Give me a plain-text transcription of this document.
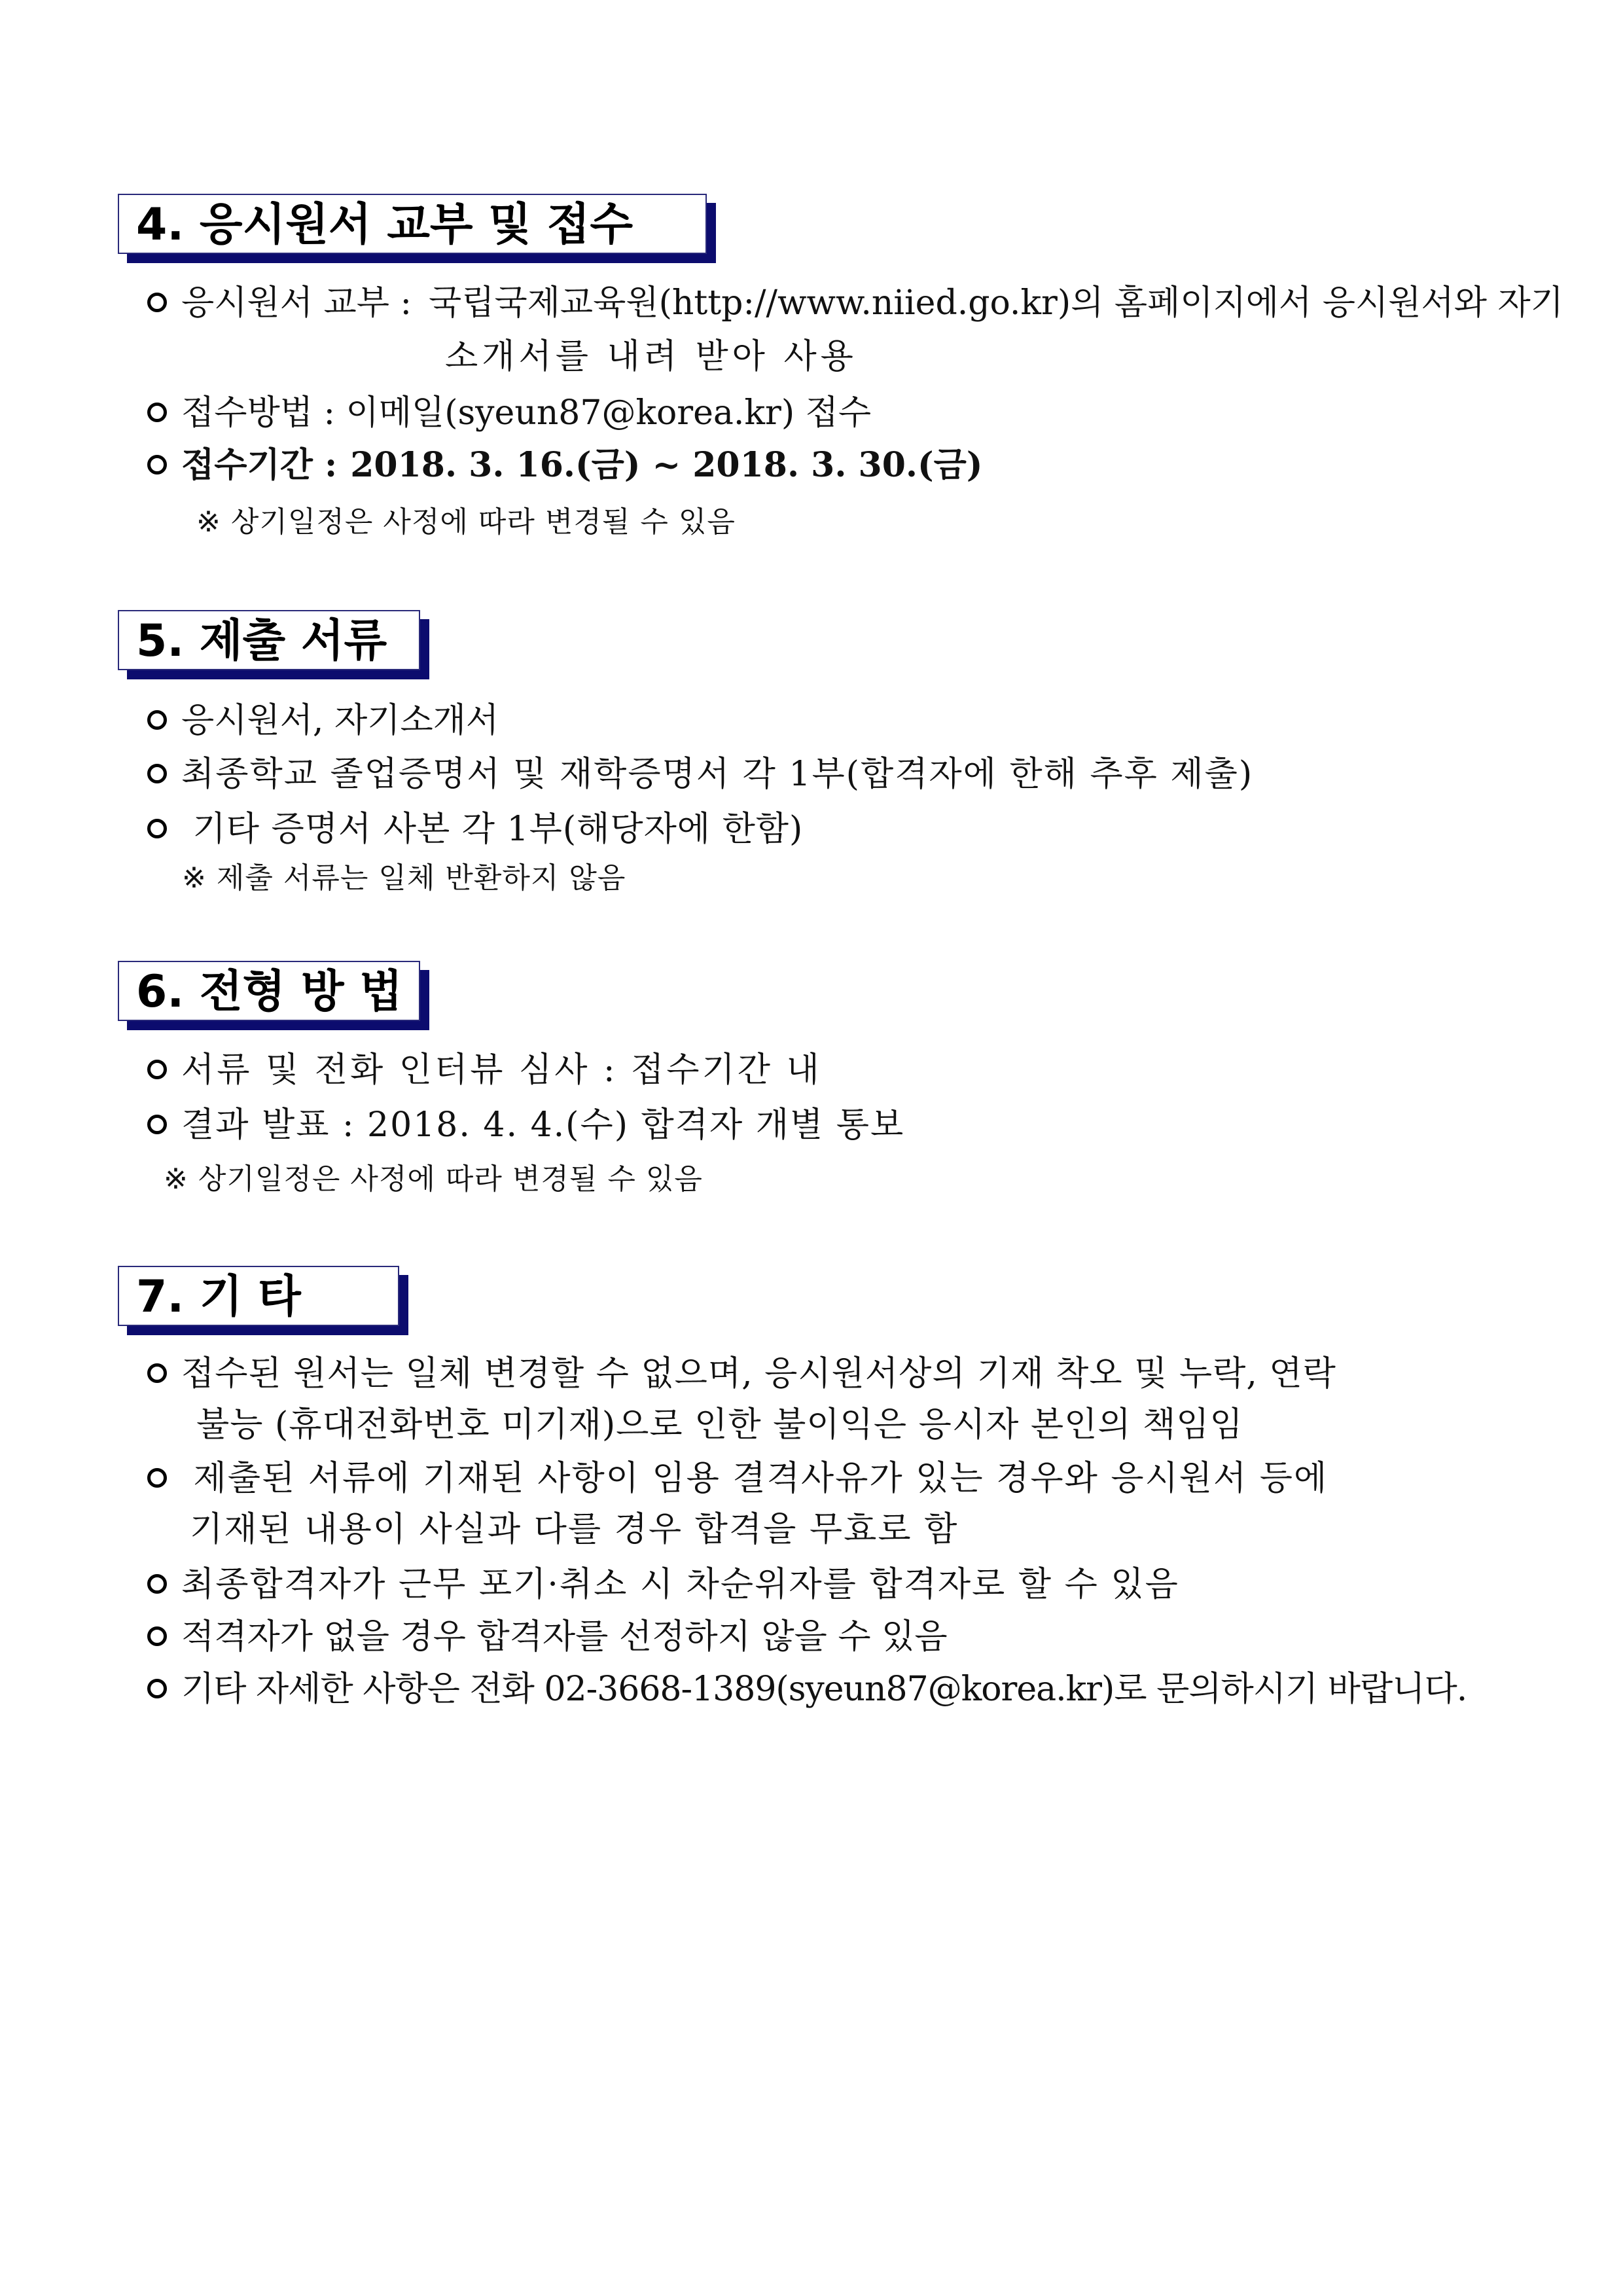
4. 응시원서 교부 및 접수
응시원서 교부 : 국립국제교육원(http://www.niied.go.kr)의 홈페이지에서 응시원서와 자기
소개서를 내려 받아 사용
접수방법 : 이메일(syeun87@korea.kr) 접수
접수기간 : 2018. 3. 16.(금) ~ 2018. 3. 30.(금)
※ 상기일정은 사정에 따라 변경될 수 있음
5. 제출 서류
응시원서, 자기소개서
최종학교 졸업증명서 및 재학증명서 각 1부(합격자에 한해 추후 제출)
기타 증명서 사본 각 1부(해당자에 한함)
※ 제출 서류는 일체 반환하지 않음
6. 전형 방 법
서류 및 전화 인터뷰 심사 : 접수기간 내
결과 발표 : 2018. 4. 4.(수) 합격자 개별 통보
※ 상기일정은 사정에 따라 변경될 수 있음
7. 기 타
접수된 원서는 일체 변경할 수 없으며, 응시원서상의 기재 착오 및 누락, 연락
불능 (휴대전화번호 미기재)으로 인한 불이익은 응시자 본인의 책임임
제출된 서류에 기재된 사항이 임용 결격사유가 있는 경우와 응시원서 등에
기재된 내용이 사실과 다를 경우 합격을 무효로 함
최종합격자가 근무 포기·취소 시 차순위자를 합격자로 할 수 있음
적격자가 없을 경우 합격자를 선정하지 않을 수 있음
기타 자세한 사항은 전화 02-3668-1389(syeun87@korea.kr)로 문의하시기 바랍니다.
